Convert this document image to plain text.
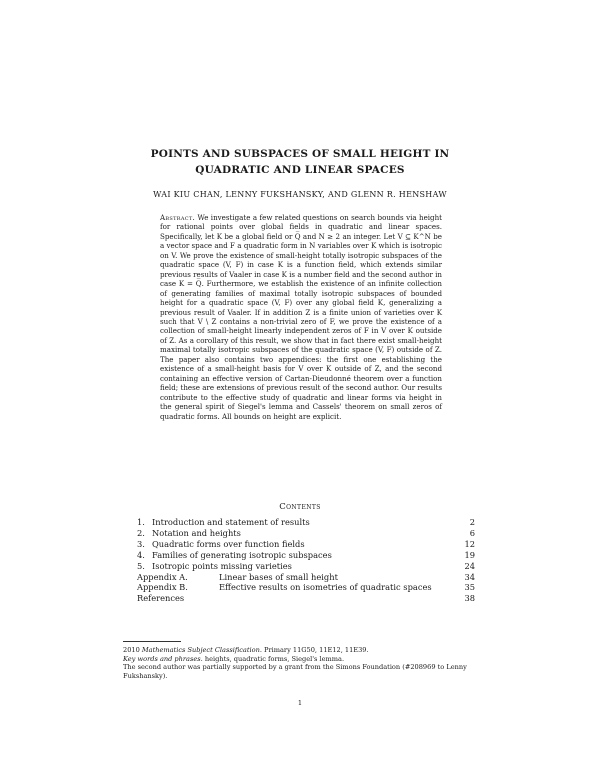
POINTS AND SUBSPACES OF SMALL HEIGHT IN
QUADRATIC AND LINEAR SPACES
WAI KIU CHAN, LENNY FUKSHANSKY, AND GLENN R. HENSHAW
Abstract. We investigate a few related questions on search bounds via height for rational points over global fields in quadratic and linear spaces. Specifically, let K be a global field or Q̅ and N ≥ 2 an integer. Let V ⊆ K^N be a vector space and F a quadratic form in N variables over K which is isotropic on V. We prove the existence of small-height totally isotropic subspaces of the quadratic space (V, F) in case K is a function field, which extends similar previous results of Vaaler in case K is a number field and the second author in case K = Q̅. Furthermore, we establish the existence of an infinite collection of generating families of maximal totally isotropic subspaces of bounded height for a quadratic space (V, F) over any global field K, generalizing a previous result of Vaaler. If in addition Z is a finite union of varieties over K such that V \ Z contains a non-trivial zero of F, we prove the existence of a collection of small-height linearly independent zeros of F in V over K outside of Z. As a corollary of this result, we show that in fact there exist small-height maximal totally isotropic subspaces of the quadratic space (V, F) outside of Z. The paper also contains two appendices: the first one establishing the existence of a small-height basis for V over K outside of Z, and the second containing an effective version of Cartan-Dieudonné theorem over a function field; these are extensions of previous result of the second author. Our results contribute to the effective study of quadratic and linear forms via height in the general spirit of Siegel's lemma and Cassels' theorem on small zeros of quadratic forms. All bounds on height are explicit.
Contents
1. Introduction and statement of results	2
2. Notation and heights	6
3. Quadratic forms over function fields	12
4. Families of generating isotropic subspaces	19
5. Isotropic points missing varieties	24
Appendix A.	Linear bases of small height	34
Appendix B.	Effective results on isometries of quadratic spaces	35
References	38
2010 Mathematics Subject Classification. Primary 11G50, 11E12, 11E39.
Key words and phrases. heights, quadratic forms, Siegel's lemma.
The second author was partially supported by a grant from the Simons Foundation (#208969 to Lenny Fukshansky).
1
